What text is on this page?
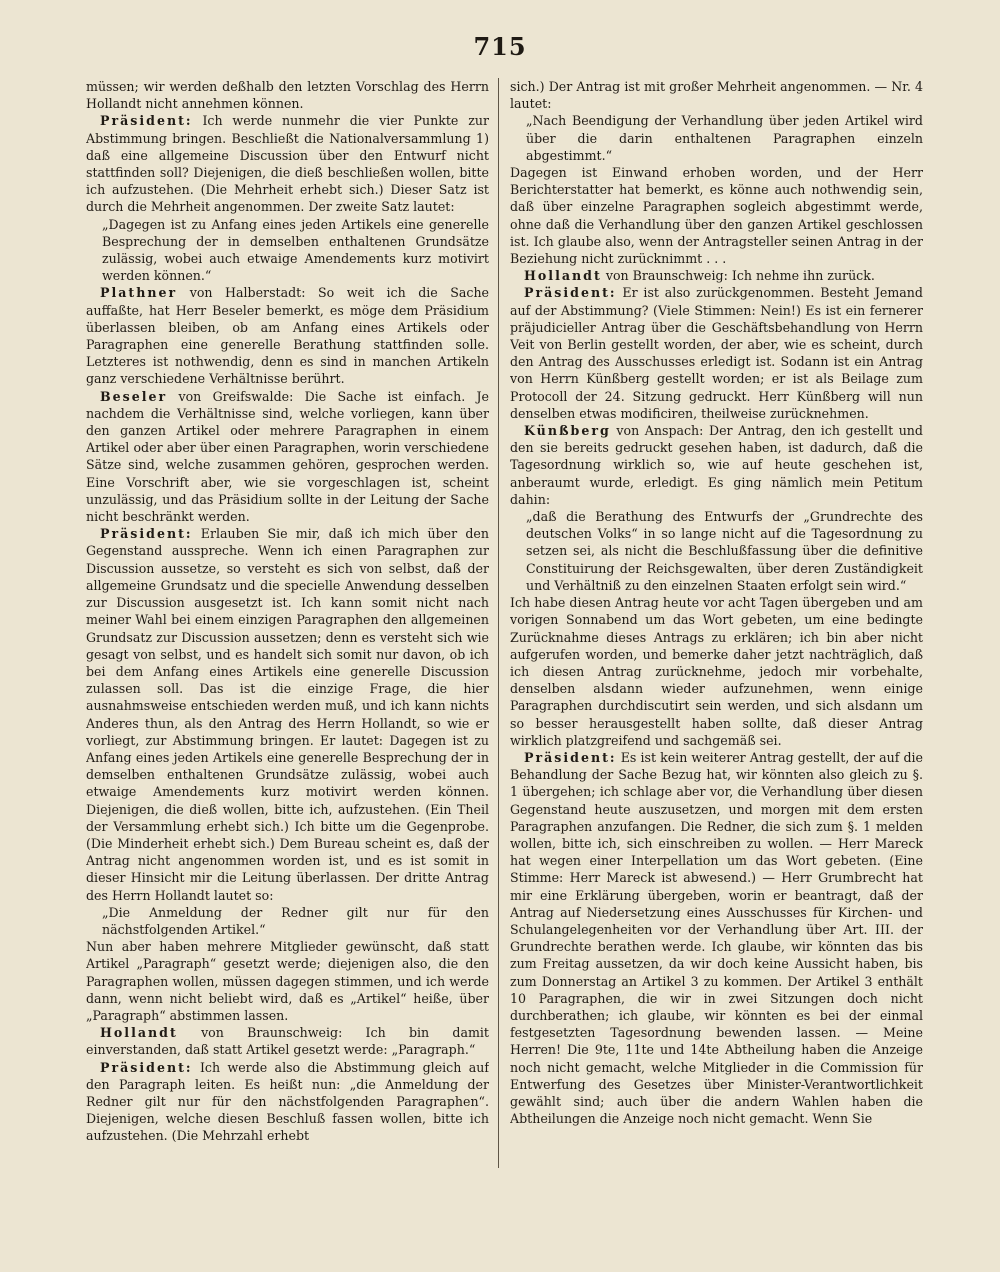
715

müssen; wir werden deßhalb den letzten Vorschlag des Herrn Hollandt nicht annehmen können.

Präsident: Ich werde nunmehr die vier Punkte zur Abstimmung bringen. Beschließt die Nationalversammlung 1) daß eine allgemeine Discussion über den Entwurf nicht stattfinden soll? Diejenigen, die dieß beschließen wollen, bitte ich aufzustehen. (Die Mehrheit erhebt sich.) Dieser Satz ist durch die Mehrheit angenommen. Der zweite Satz lautet:

„Dagegen ist zu Anfang eines jeden Artikels eine generelle Besprechung der in demselben enthaltenen Grundsätze zulässig, wobei auch etwaige Amendements kurz motivirt werden können.“

Plathner von Halberstadt: So weit ich die Sache auffaßte, hat Herr Beseler bemerkt, es möge dem Präsidium überlassen bleiben, ob am Anfang eines Artikels oder Paragraphen eine generelle Berathung stattfinden solle. Letzteres ist nothwendig, denn es sind in manchen Artikeln ganz verschiedene Verhältnisse berührt.

Beseler von Greifswalde: Die Sache ist einfach. Je nachdem die Verhältnisse sind, welche vorliegen, kann über den ganzen Artikel oder mehrere Paragraphen in einem Artikel oder aber über einen Paragraphen, worin verschiedene Sätze sind, welche zusammen gehören, gesprochen werden. Eine Vorschrift aber, wie sie vorgeschlagen ist, scheint unzulässig, und das Präsidium sollte in der Leitung der Sache nicht beschränkt werden.

Präsident: Erlauben Sie mir, daß ich mich über den Gegenstand ausspreche. Wenn ich einen Paragraphen zur Discussion aussetze, so versteht es sich von selbst, daß der allgemeine Grundsatz und die specielle Anwendung desselben zur Discussion ausgesetzt ist. Ich kann somit nicht nach meiner Wahl bei einem einzigen Paragraphen den allgemeinen Grundsatz zur Discussion aussetzen; denn es versteht sich wie gesagt von selbst, und es handelt sich somit nur davon, ob ich bei dem Anfang eines Artikels eine generelle Discussion zulassen soll. Das ist die einzige Frage, die hier ausnahmsweise entschieden werden muß, und ich kann nichts Anderes thun, als den Antrag des Herrn Hollandt, so wie er vorliegt, zur Abstimmung bringen. Er lautet: Dagegen ist zu Anfang eines jeden Artikels eine generelle Besprechung der in demselben enthaltenen Grundsätze zulässig, wobei auch etwaige Amendements kurz motivirt werden können. Diejenigen, die dieß wollen, bitte ich, aufzustehen. (Ein Theil der Versammlung erhebt sich.) Ich bitte um die Gegenprobe. (Die Minderheit erhebt sich.) Dem Bureau scheint es, daß der Antrag nicht angenommen worden ist, und es ist somit in dieser Hinsicht mir die Leitung überlassen. Der dritte Antrag des Herrn Hollandt lautet so:

„Die Anmeldung der Redner gilt nur für den nächstfolgenden Artikel.“

Nun aber haben mehrere Mitglieder gewünscht, daß statt Artikel „Paragraph“ gesetzt werde; diejenigen also, die den Paragraphen wollen, müssen dagegen stimmen, und ich werde dann, wenn nicht beliebt wird, daß es „Artikel“ heiße, über „Paragraph“ abstimmen lassen.

Hollandt von Braunschweig: Ich bin damit einverstanden, daß statt Artikel gesetzt werde: „Paragraph.“

Präsident: Ich werde also die Abstimmung gleich auf den Paragraph leiten. Es heißt nun: „die Anmeldung der Redner gilt nur für den nächstfolgenden Paragraphen“. Diejenigen, welche diesen Beschluß fassen wollen, bitte ich aufzustehen. (Die Mehrzahl erhebt

sich.) Der Antrag ist mit großer Mehrheit angenommen. — Nr. 4 lautet:

„Nach Beendigung der Verhandlung über jeden Artikel wird über die darin enthaltenen Paragraphen einzeln abgestimmt.“

Dagegen ist Einwand erhoben worden, und der Herr Berichterstatter hat bemerkt, es könne auch nothwendig sein, daß über einzelne Paragraphen sogleich abgestimmt werde, ohne daß die Verhandlung über den ganzen Artikel geschlossen ist. Ich glaube also, wenn der Antragsteller seinen Antrag in der Beziehung nicht zurücknimmt . . .

Hollandt von Braunschweig: Ich nehme ihn zurück.

Präsident: Er ist also zurückgenommen. Besteht Jemand auf der Abstimmung? (Viele Stimmen: Nein!) Es ist ein fernerer präjudicieller Antrag über die Geschäftsbehandlung von Herrn Veit von Berlin gestellt worden, der aber, wie es scheint, durch den Antrag des Ausschusses erledigt ist. Sodann ist ein Antrag von Herrn Künßberg gestellt worden; er ist als Beilage zum Protocoll der 24. Sitzung gedruckt. Herr Künßberg will nun denselben etwas modificiren, theilweise zurücknehmen.

Künßberg von Anspach: Der Antrag, den ich gestellt und den sie bereits gedruckt gesehen haben, ist dadurch, daß die Tagesordnung wirklich so, wie auf heute geschehen ist, anberaumt wurde, erledigt. Es ging nämlich mein Petitum dahin:

„daß die Berathung des Entwurfs der „Grundrechte des deutschen Volks“ in so lange nicht auf die Tagesordnung zu setzen sei, als nicht die Beschlußfassung über die definitive Constituirung der Reichsgewalten, über deren Zuständigkeit und Verhältniß zu den einzelnen Staaten erfolgt sein wird.“

Ich habe diesen Antrag heute vor acht Tagen übergeben und am vorigen Sonnabend um das Wort gebeten, um eine bedingte Zurücknahme dieses Antrags zu erklären; ich bin aber nicht aufgerufen worden, und bemerke daher jetzt nachträglich, daß ich diesen Antrag zurücknehme, jedoch mir vorbehalte, denselben alsdann wieder aufzunehmen, wenn einige Paragraphen durchdiscutirt sein werden, und sich alsdann um so besser herausgestellt haben sollte, daß dieser Antrag wirklich platzgreifend und sachgemäß sei.

Präsident: Es ist kein weiterer Antrag gestellt, der auf die Behandlung der Sache Bezug hat, wir könnten also gleich zu §. 1 übergehen; ich schlage aber vor, die Verhandlung über diesen Gegenstand heute auszusetzen, und morgen mit dem ersten Paragraphen anzufangen. Die Redner, die sich zum §. 1 melden wollen, bitte ich, sich einschreiben zu wollen. — Herr Mareck hat wegen einer Interpellation um das Wort gebeten. (Eine Stimme: Herr Mareck ist abwesend.) — Herr Grumbrecht hat mir eine Erklärung übergeben, worin er beantragt, daß der Antrag auf Niedersetzung eines Ausschusses für Kirchen- und Schulangelegenheiten vor der Verhandlung über Art. III. der Grundrechte berathen werde. Ich glaube, wir könnten das bis zum Freitag aussetzen, da wir doch keine Aussicht haben, bis zum Donnerstag an Artikel 3 zu kommen. Der Artikel 3 enthält 10 Paragraphen, die wir in zwei Sitzungen doch nicht durchberathen; ich glaube, wir könnten es bei der einmal festgesetzten Tagesordnung bewenden lassen. — Meine Herren! Die 9te, 11te und 14te Abtheilung haben die Anzeige noch nicht gemacht, welche Mitglieder in die Commission für Entwerfung des Gesetzes über Minister-Verantwortlichkeit gewählt sind; auch über die andern Wahlen haben die Abtheilungen die Anzeige noch nicht gemacht. Wenn Sie
